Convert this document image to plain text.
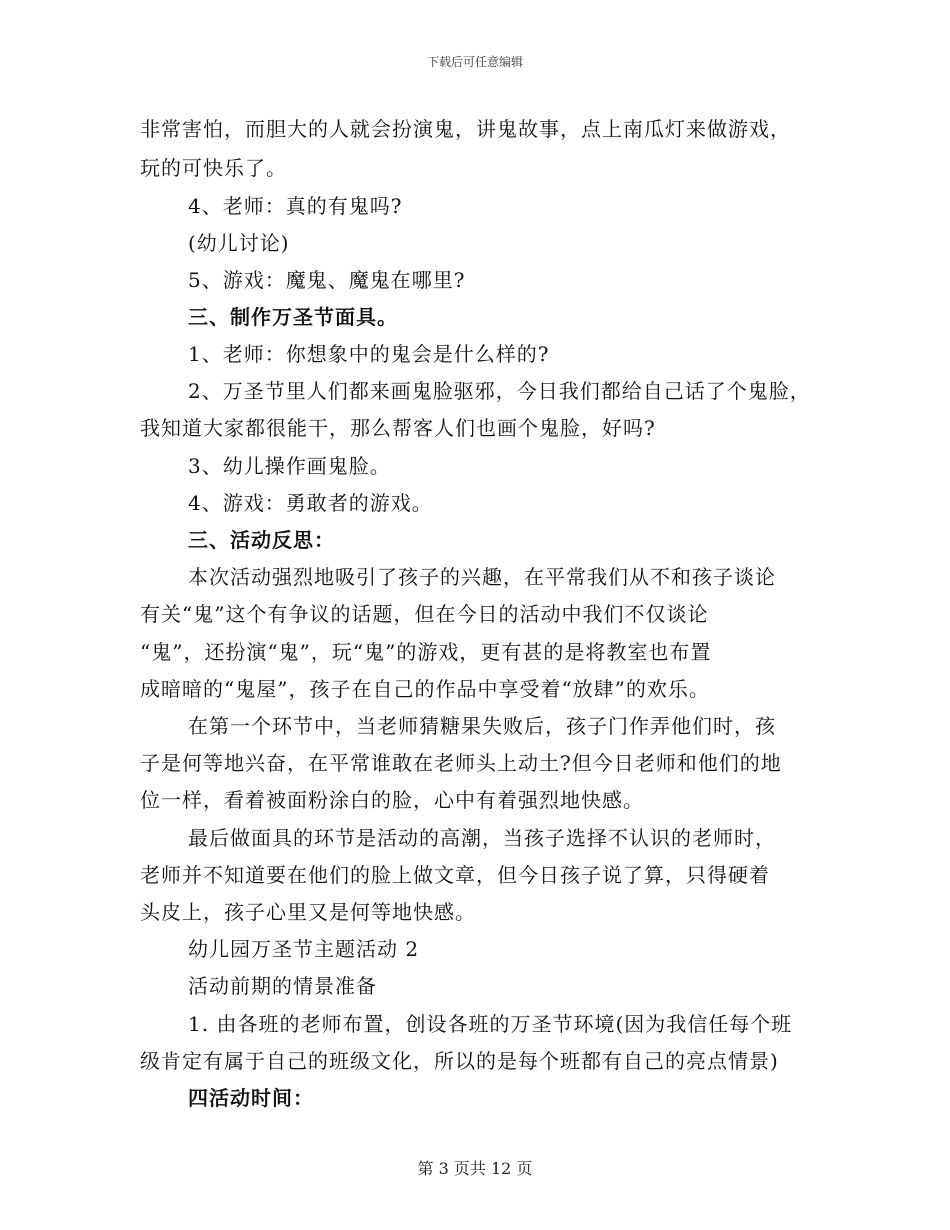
下载后可任意编辑
非常害怕，而胆大的人就会扮演鬼，讲鬼故事，点上南瓜灯来做游戏，
玩的可快乐了。
4、老师：真的有鬼吗?
(幼儿讨论)
5、游戏：魔鬼、魔鬼在哪里?
三、制作万圣节面具。
1、老师：你想象中的鬼会是什么样的?
2、万圣节里人们都来画鬼脸驱邪，今日我们都给自己话了个鬼脸，
我知道大家都很能干，那么帮客人们也画个鬼脸，好吗?
3、幼儿操作画鬼脸。
4、游戏：勇敢者的游戏。
三、活动反思：
本次活动强烈地吸引了孩子的兴趣，在平常我们从不和孩子谈论
有关“鬼”这个有争议的话题，但在今日的活动中我们不仅谈论
“鬼”，还扮演“鬼”，玩“鬼”的游戏，更有甚的是将教室也布置
成暗暗的“鬼屋”，孩子在自己的作品中享受着“放肆”的欢乐。
在第一个环节中，当老师猜糖果失败后，孩子门作弄他们时，孩
子是何等地兴奋，在平常谁敢在老师头上动土?但今日老师和他们的地
位一样，看着被面粉涂白的脸，心中有着强烈地快感。
最后做面具的环节是活动的高潮，当孩子选择不认识的老师时，
老师并不知道要在他们的脸上做文章，但今日孩子说了算，只得硬着
头皮上，孩子心里又是何等地快感。
幼儿园万圣节主题活动 2
活动前期的情景准备
1. 由各班的老师布置，创设各班的万圣节环境(因为我信任每个班
级肯定有属于自己的班级文化，所以的是每个班都有自己的亮点情景)
四活动时间：
第 3 页共 12 页
